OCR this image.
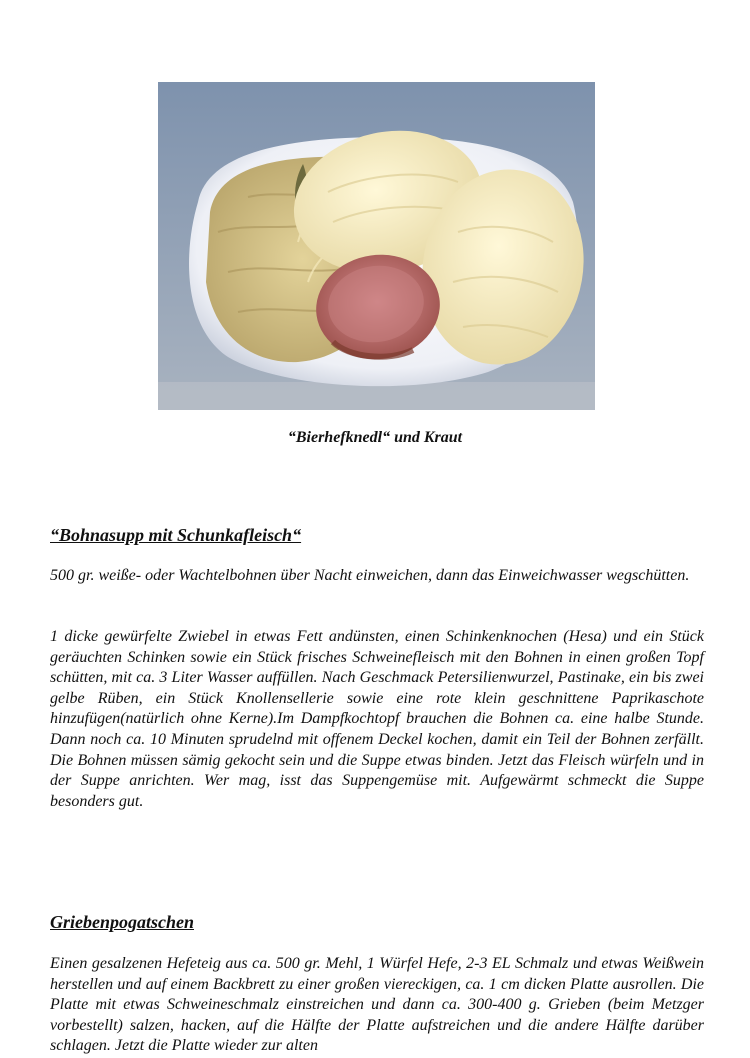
“Bierhefknedl“ und Kraut
“Bohnasupp mit Schunkafleisch“

500 gr. weiße- oder Wachtelbohnen über Nacht einweichen, dann das Einweichwasser wegschütten.

1 dicke gewürfelte Zwiebel in etwas Fett andünsten, einen Schinkenknochen (Hesa) und ein Stück geräuchten Schinken sowie ein Stück frisches Schweinefleisch mit den Bohnen in einen großen Topf schütten, mit ca. 3 Liter Wasser auffüllen. Nach Geschmack Petersilienwurzel, Pastinake, ein bis zwei gelbe Rüben, ein Stück Knollensellerie sowie eine rote klein geschnittene Paprikaschote hinzufügen(natürlich ohne Kerne).Im Dampfkochtopf brauchen die Bohnen ca. eine halbe Stunde. Dann noch ca. 10 Minuten sprudelnd mit offenem Deckel kochen, damit ein Teil der Bohnen zerfällt. Die Bohnen müssen sämig gekocht sein und die Suppe etwas binden. Jetzt das Fleisch würfeln und in der Suppe anrichten. Wer mag, isst das Suppengemüse mit. Aufgewärmt schmeckt die Suppe besonders gut.

Griebenpogatschen

Einen gesalzenen Hefeteig aus ca. 500 gr. Mehl, 1 Würfel Hefe, 2-3 EL Schmalz und etwas Weißwein herstellen und auf einem Backbrett zu einer großen viereckigen, ca. 1 cm dicken Platte ausrollen. Die Platte mit etwas Schweineschmalz einstreichen und dann ca. 300-400 g. Grieben (beim Metzger vorbestellt) salzen, hacken, auf die Hälfte der Platte aufstreichen und die andere Hälfte darüber schlagen. Jetzt die Platte wieder zur alten
